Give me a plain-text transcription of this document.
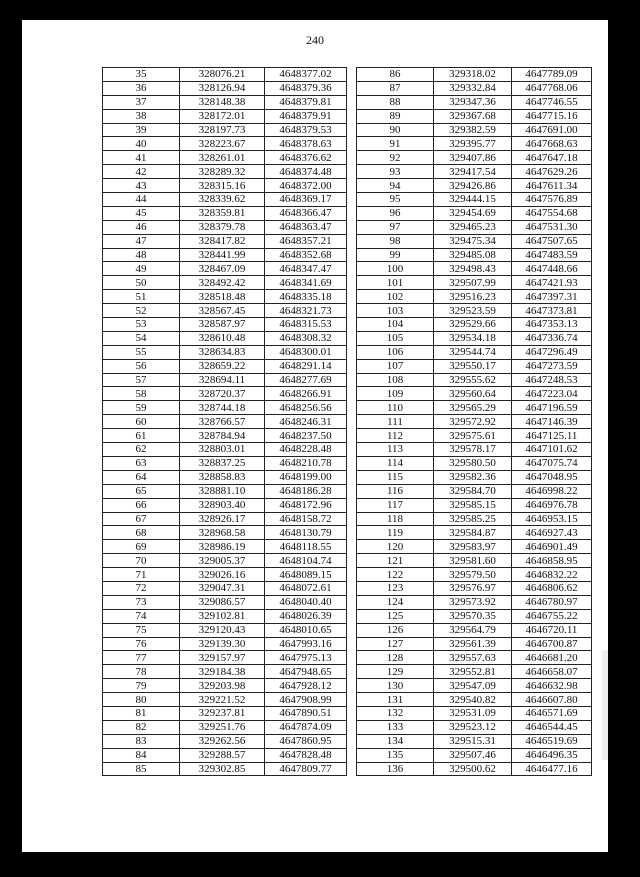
240
35	328076.21	4648377.02
36	328126.94	4648379.36
37	328148.38	4648379.81
38	328172.01	4648379.91
39	328197.73	4648379.53
40	328223.67	4648378.63
41	328261.01	4648376.62
42	328289.32	4648374.48
43	328315.16	4648372.00
44	328339.62	4648369.17
45	328359.81	4648366.47
46	328379.78	4648363.47
47	328417.82	4648357.21
48	328441.99	4648352.68
49	328467.09	4648347.47
50	328492.42	4648341.69
51	328518.48	4648335.18
52	328567.45	4648321.73
53	328587.97	4648315.53
54	328610.48	4648308.32
55	328634.83	4648300.01
56	328659.22	4648291.14
57	328694.11	4648277.69
58	328720.37	4648266.91
59	328744.18	4648256.56
60	328766.57	4648246.31
61	328784.94	4648237.50
62	328803.01	4648228.48
63	328837.25	4648210.78
64	328858.83	4648199.00
65	328881.10	4648186.28
66	328903.40	4648172.96
67	328926.17	4648158.72
68	328968.58	4648130.79
69	328986.19	4648118.55
70	329005.37	4648104.74
71	329026.16	4648089.15
72	329047.31	4648072.61
73	329086.57	4648040.40
74	329102.81	4648026.39
75	329120.43	4648010.65
76	329139.30	4647993.16
77	329157.97	4647975.13
78	329184.38	4647948.65
79	329203.98	4647928.12
80	329221.52	4647908.99
81	329237.81	4647890.51
82	329251.76	4647874.09
83	329262.56	4647860.95
84	329288.57	4647828.48
85	329302.85	4647809.77
86	329318.02	4647789.09
87	329332.84	4647768.06
88	329347.36	4647746.55
89	329367.68	4647715.16
90	329382.59	4647691.00
91	329395.77	4647668.63
92	329407.86	4647647.18
93	329417.54	4647629.26
94	329426.86	4647611.34
95	329444.15	4647576.89
96	329454.69	4647554.68
97	329465.23	4647531.30
98	329475.34	4647507.65
99	329485.08	4647483.59
100	329498.43	4647448.66
101	329507.99	4647421.93
102	329516.23	4647397.31
103	329523.59	4647373.81
104	329529.66	4647353.13
105	329534.18	4647336.74
106	329544.74	4647296.49
107	329550.17	4647273.59
108	329555.62	4647248.53
109	329560.64	4647223.04
110	329565.29	4647196.59
111	329572.92	4647146.39
112	329575.61	4647125.11
113	329578.17	4647101.62
114	329580.50	4647075.74
115	329582.36	4647048.95
116	329584.70	4646998.22
117	329585.15	4646976.78
118	329585.25	4646953.15
119	329584.87	4646927.43
120	329583.97	4646901.49
121	329581.60	4646858.95
122	329579.50	4646832.22
123	329576.97	4646806.62
124	329573.92	4646780.97
125	329570.35	4646755.22
126	329564.79	4646720.11
127	329561.39	4646700.87
128	329557.63	4646681.20
129	329552.81	4646658.07
130	329547.09	4646632.98
131	329540.82	4646607.80
132	329531.09	4646571.69
133	329523.12	4646544.45
134	329515.31	4646519.69
135	329507.46	4646496.35
136	329500.62	4646477.16
